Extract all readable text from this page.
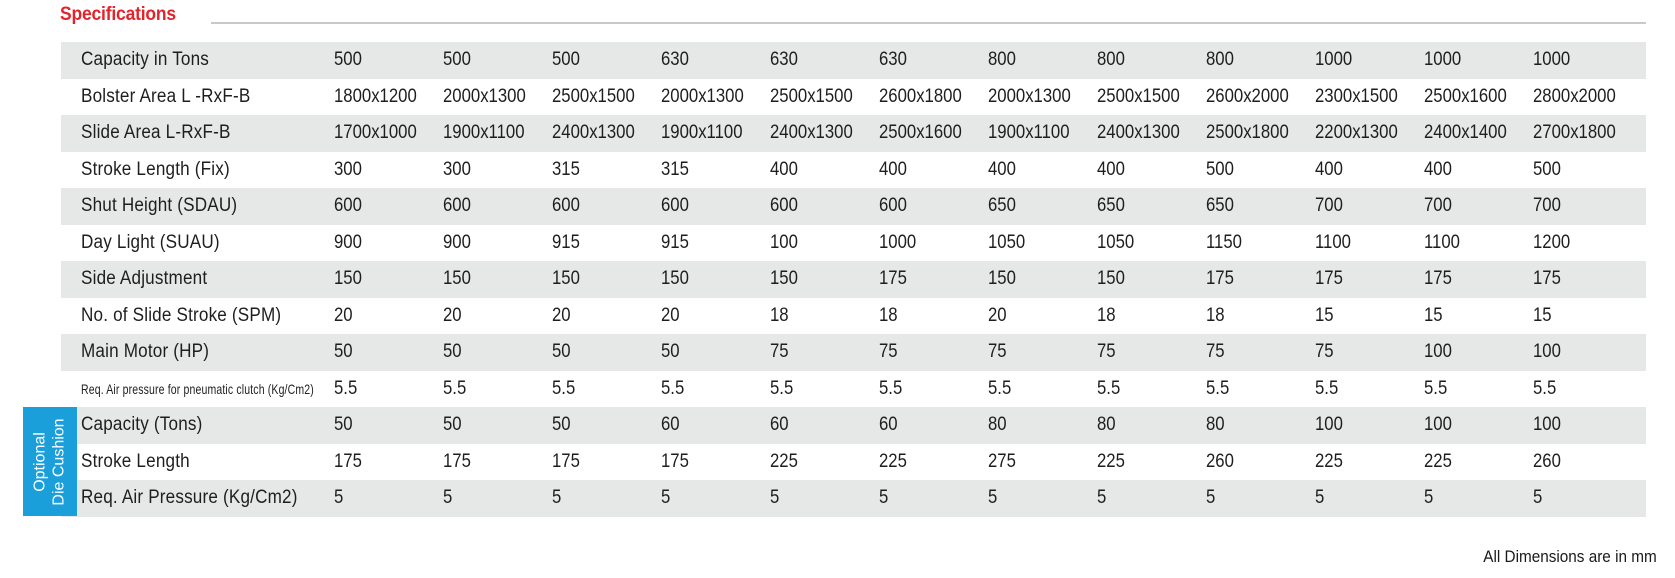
Specifications
Capacity in Tons	500	500	500	630	630	630	800	800	800	1000	1000	1000
Bolster Area L -RxF-B	1800x1200	2000x1300	2500x1500	2000x1300	2500x1500	2600x1800	2000x1300	2500x1500	2600x2000	2300x1500	2500x1600	2800x2000
Slide Area L-RxF-B	1700x1000	1900x1100	2400x1300	1900x1100	2400x1300	2500x1600	1900x1100	2400x1300	2500x1800	2200x1300	2400x1400	2700x1800
Stroke Length (Fix)	300	300	315	315	400	400	400	400	500	400	400	500
Shut Height (SDAU)	600	600	600	600	600	600	650	650	650	700	700	700
Day Light (SUAU)	900	900	915	915	100	1000	1050	1050	1150	1100	1100	1200
Side Adjustment	150	150	150	150	150	175	150	150	175	175	175	175
No. of Slide Stroke (SPM)	20	20	20	20	18	18	20	18	18	15	15	15
Main Motor (HP)	50	50	50	50	75	75	75	75	75	75	100	100
Req. Air pressure for pneumatic clutch (Kg/Cm2)	5.5	5.5	5.5	5.5	5.5	5.5	5.5	5.5	5.5	5.5	5.5	5.5
Capacity (Tons)	50	50	50	60	60	60	80	80	80	100	100	100
Stroke Length	175	175	175	175	225	225	275	225	260	225	225	260
Req. Air Pressure (Kg/Cm2)	5	5	5	5	5	5	5	5	5	5	5	5
Optional Die Cushion
All Dimensions are in mm
